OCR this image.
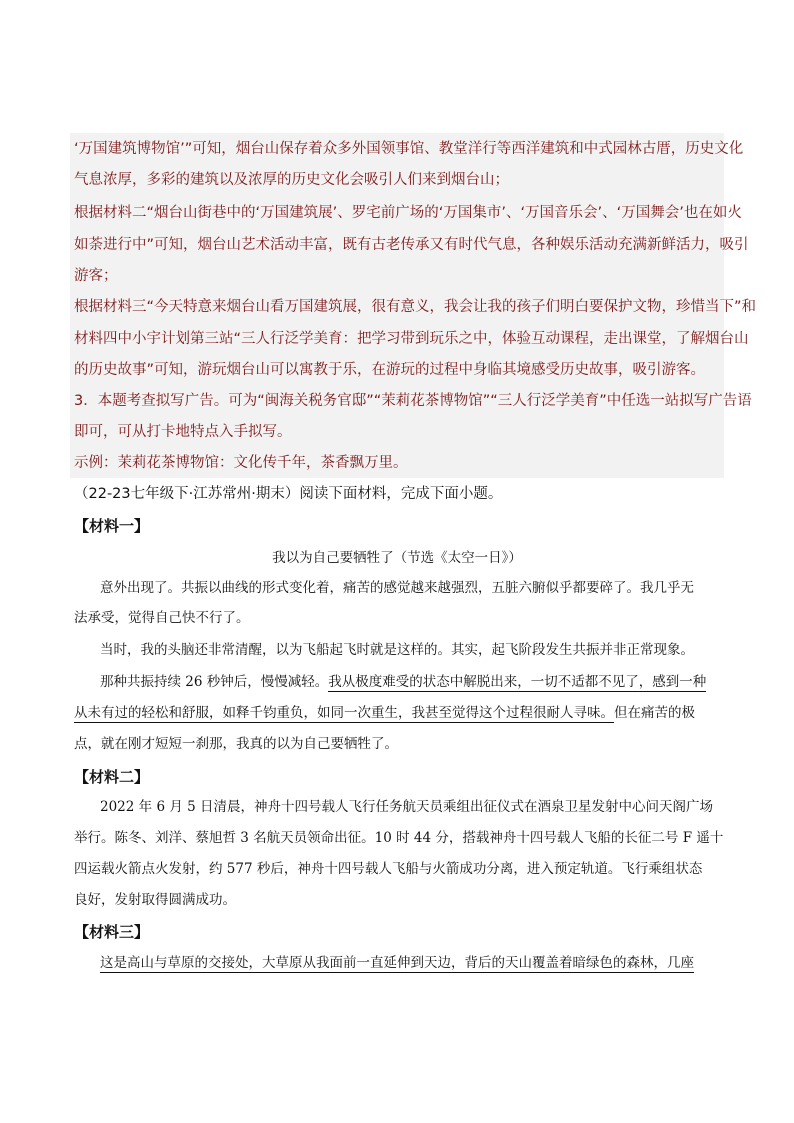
‘万国建筑博物馆’”可知，烟台山保存着众多外国领事馆、教堂洋行等西洋建筑和中式园林古厝，历史文化
气息浓厚，多彩的建筑以及浓厚的历史文化会吸引人们来到烟台山；
根据材料二“烟台山街巷中的‘万国建筑展’、罗宅前广场的‘万国集市’、‘万国音乐会’、‘万国舞会’也在如火
如荼进行中”可知，烟台山艺术活动丰富，既有古老传承又有时代气息，各种娱乐活动充满新鲜活力，吸引
游客；
根据材料三“今天特意来烟台山看万国建筑展，很有意义，我会让我的孩子们明白要保护文物，珍惜当下”和
材料四中小宇计划第三站“三人行泛学美育：把学习带到玩乐之中，体验互动课程，走出课堂，了解烟台山
的历史故事”可知，游玩烟台山可以寓教于乐，在游玩的过程中身临其境感受历史故事，吸引游客。
3．本题考查拟写广告。可为“闽海关税务官邸”“茉莉花茶博物馆”“三人行泛学美育”中任选一站拟写广告语
即可，可从打卡地特点入手拟写。
示例：茉莉花茶博物馆：文化传千年，茶香飘万里。
（22-23七年级下·江苏常州·期末）阅读下面材料，完成下面小题。
【材料一】
我以为自己要牺牲了（节选《太空一日》）
意外出现了。共振以曲线的形式变化着，痛苦的感觉越来越强烈，五脏六腑似乎都要碎了。我几乎无
法承受，觉得自己快不行了。
当时，我的头脑还非常清醒，以为飞船起飞时就是这样的。其实，起飞阶段发生共振并非正常现象。
那种共振持续 26 秒钟后，慢慢减轻。我从极度难受的状态中解脱出来，一切不适都不见了，感到一种
从未有过的轻松和舒服，如释千钧重负，如同一次重生，我甚至觉得这个过程很耐人寻味。但在痛苦的极
点，就在刚才短短一刹那，我真的以为自己要牺牲了。
【材料二】
2022 年 6 月 5 日清晨，神舟十四号载人飞行任务航天员乘组出征仪式在酒泉卫星发射中心问天阁广场
举行。陈冬、刘洋、蔡旭哲 3 名航天员领命出征。10 时 44 分，搭载神舟十四号载人飞船的长征二号 F 遥十
四运载火箭点火发射，约 577 秒后，神舟十四号载人飞船与火箭成功分离，进入预定轨道。飞行乘组状态
良好，发射取得圆满成功。
【材料三】
这是高山与草原的交接处，大草原从我面前一直延伸到天边，背后的天山覆盖着暗绿色的森林，几座
